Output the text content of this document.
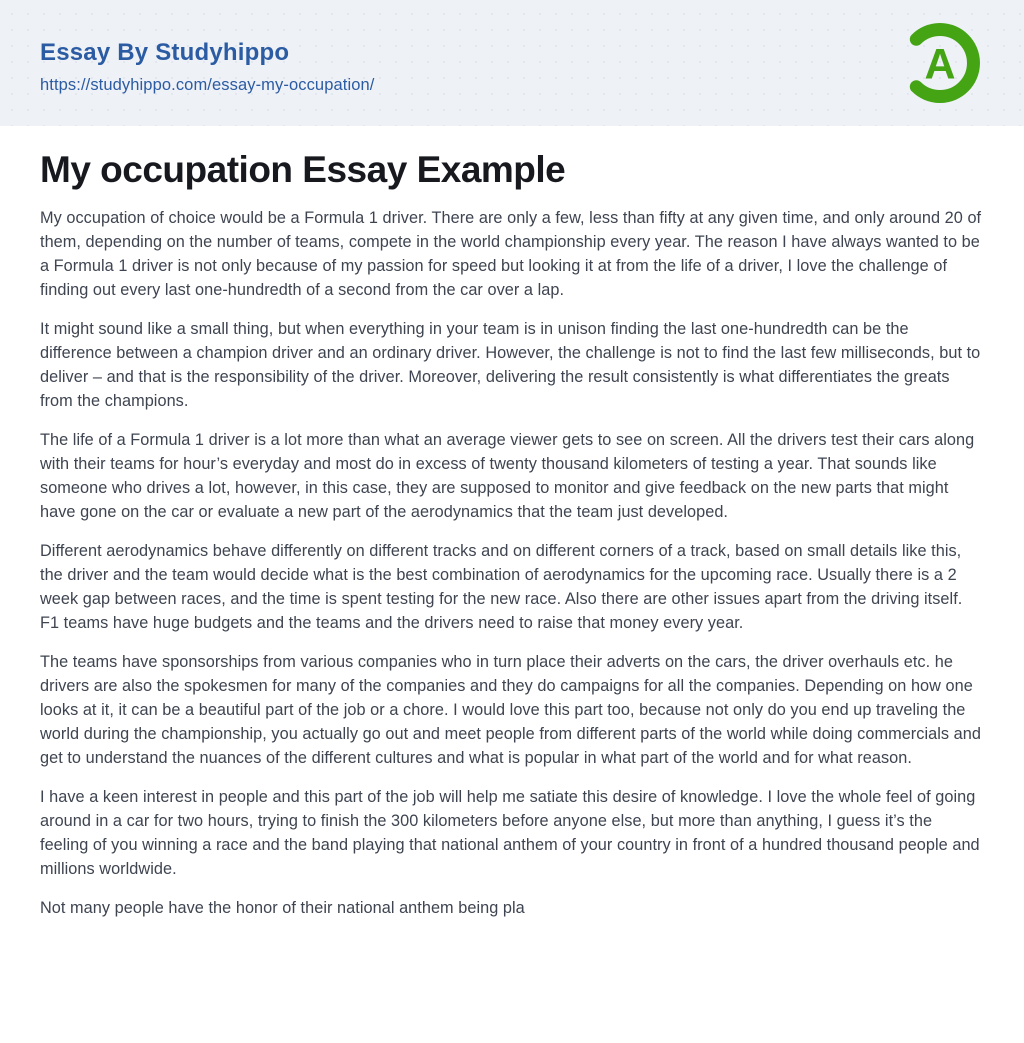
Essay By Studyhippo
https://studyhippo.com/essay-my-occupation/	A
My occupation Essay Example

My occupation of choice would be a Formula 1 driver. There are only a few, less than fifty at any given time, and only around 20 of them, depending on the number of teams, compete in the world championship every year. The reason I have always wanted to be a Formula 1 driver is not only because of my passion for speed but looking it at from the life of a driver, I love the challenge of finding out every last one-hundredth of a second from the car over a lap.

It might sound like a small thing, but when everything in your team is in unison finding the last one-hundredth can be the difference between a champion driver and an ordinary driver. However, the challenge is not to find the last few milliseconds, but to deliver – and that is the responsibility of the driver. Moreover, delivering the result consistently is what differentiates the greats from the champions.

The life of a Formula 1 driver is a lot more than what an average viewer gets to see on screen. All the drivers test their cars along with their teams for hour’s everyday and most do in excess of twenty thousand kilometers of testing a year. That sounds like someone who drives a lot, however, in this case, they are supposed to monitor and give feedback on the new parts that might have gone on the car or evaluate a new part of the aerodynamics that the team just developed.

Different aerodynamics behave differently on different tracks and on different corners of a track, based on small details like this, the driver and the team would decide what is the best combination of aerodynamics for the upcoming race. Usually there is a 2 week gap between races, and the time is spent testing for the new race. Also there are other issues apart from the driving itself. F1 teams have huge budgets and the teams and the drivers need to raise that money every year.

The teams have sponsorships from various companies who in turn place their adverts on the cars, the driver overhauls etc. he drivers are also the spokesmen for many of the companies and they do campaigns for all the companies. Depending on how one looks at it, it can be a beautiful part of the job or a chore. I would love this part too, because not only do you end up traveling the world during the championship, you actually go out and meet people from different parts of the world while doing commercials and get to understand the nuances of the different cultures and what is popular in what part of the world and for what reason.

I have a keen interest in people and this part of the job will help me satiate this desire of knowledge. I love the whole feel of going around in a car for two hours, trying to finish the 300 kilometers before anyone else, but more than anything, I guess it’s the feeling of you winning a race and the band playing that national anthem of your country in front of a hundred thousand people and millions worldwide.

Not many people have the honor of their national anthem being pla
